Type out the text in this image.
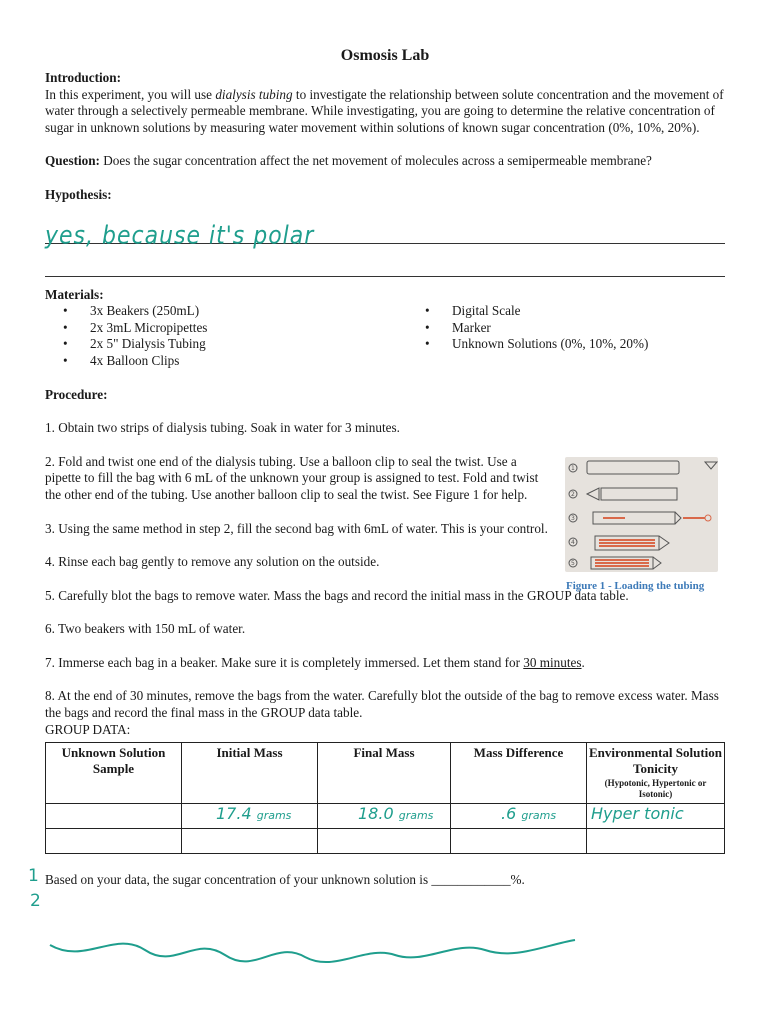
Osmosis Lab
Introduction:

In this experiment, you will use dialysis tubing to investigate the relationship between solute concentration and the movement of water through a selectively permeable membrane. While investigating, you are going to determine the relative concentration of sugar in unknown solutions by measuring water movement within solutions of known sugar concentration (0%, 10%, 20%).

Question: Does the sugar concentration affect the net movement of molecules across a semipermeable membrane?

Hypothesis:
yes, because it's polar
Materials:
• 3x Beakers (250mL)
• 2x 3mL Micropipettes
• 2x 5" Dialysis Tubing
• 4x Balloon Clips
• Digital Scale
• Marker
• Unknown Solutions (0%, 10%, 20%)
Procedure:

1. Obtain two strips of dialysis tubing. Soak in water for 3 minutes.

2. Fold and twist one end of the dialysis tubing. Use a balloon clip to seal the twist. Use a pipette to fill the bag with 6 mL of the unknown your group is assigned to test. Fold and twist the other end of the tubing. Use another balloon clip to seal the twist. See Figure 1 for help.

3. Using the same method in step 2, fill the second bag with 6mL of water. This is your control.

4. Rinse each bag gently to remove any solution on the outside.

5. Carefully blot the bags to remove water. Mass the bags and record the initial mass in the GROUP data table.

6. Two beakers with 150 mL of water.

7. Immerse each bag in a beaker. Make sure it is completely immersed. Let them stand for 30 minutes.

8. At the end of 30 minutes, remove the bags from the water. Carefully blot the outside of the bag to remove excess water. Mass the bags and record the final mass in the GROUP data table.

GROUP DATA:
Unknown Solution Sample	Initial Mass	Final Mass	Mass Difference	Environmental Solution Tonicity
(Hypotonic, Hypertonic or Isotonic)

	17.4 grams	18.0 grams	.6 grams	Hyper tonic

Based on your data, the sugar concentration of your unknown solution is ____________%.

1
2
1
2
3
4
5
Figure 1 - Loading the tubing
